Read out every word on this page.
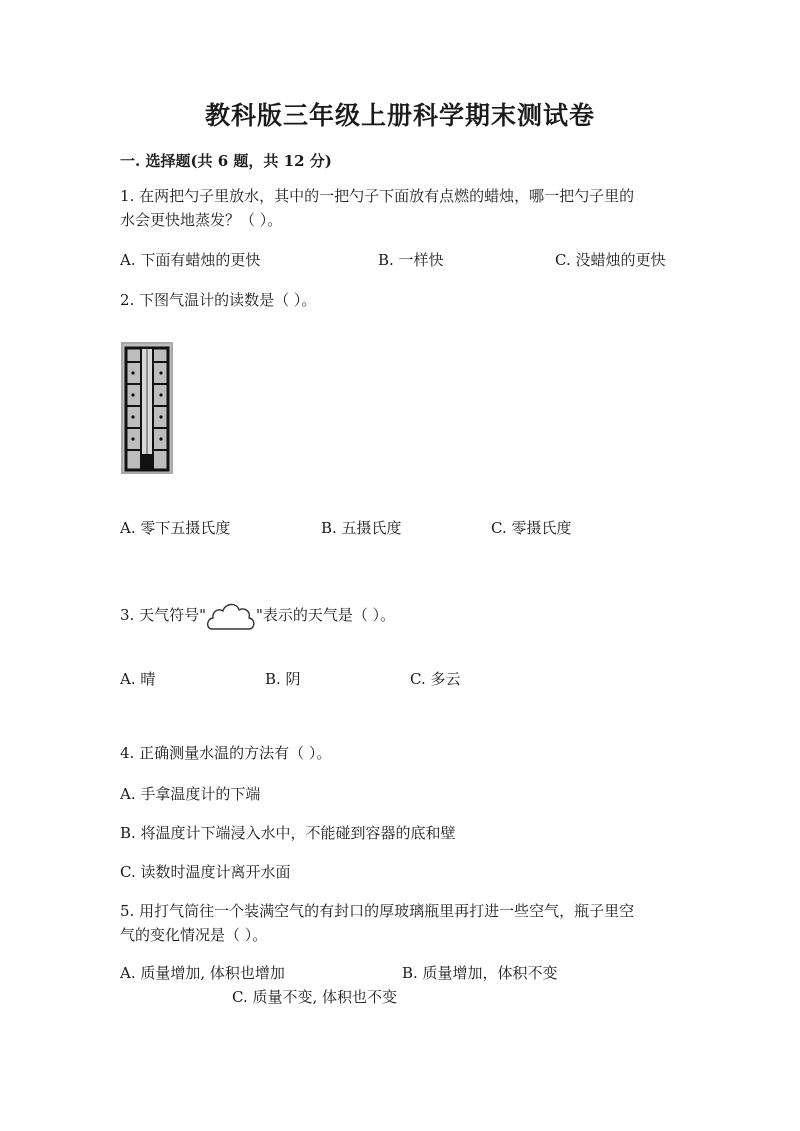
教科版三年级上册科学期末测试卷
一. 选择题(共 6 题，共 12 分)
1. 在两把勺子里放水，其中的一把勺子下面放有点燃的蜡烛，哪一把勺子里的
水会更快地蒸发？（ ）。
A. 下面有蜡烛的更快	B. 一样快	C. 没蜡烛的更快
2. 下图气温计的读数是（ ）。
A. 零下五摄氏度	B. 五摄氏度	C. 零摄氏度
3. 天气符号"	"表示的天气是（ ）。
A. 晴	B. 阴	C. 多云
4. 正确测量水温的方法有（ ）。
A. 手拿温度计的下端
B. 将温度计下端浸入水中，不能碰到容器的底和壁
C. 读数时温度计离开水面
5. 用打气筒往一个装满空气的有封口的厚玻璃瓶里再打进一些空气，瓶子里空
气的变化情况是（ ）。
A. 质量增加, 体积也增加	B. 质量增加，体积不变
C. 质量不变, 体积也不变
